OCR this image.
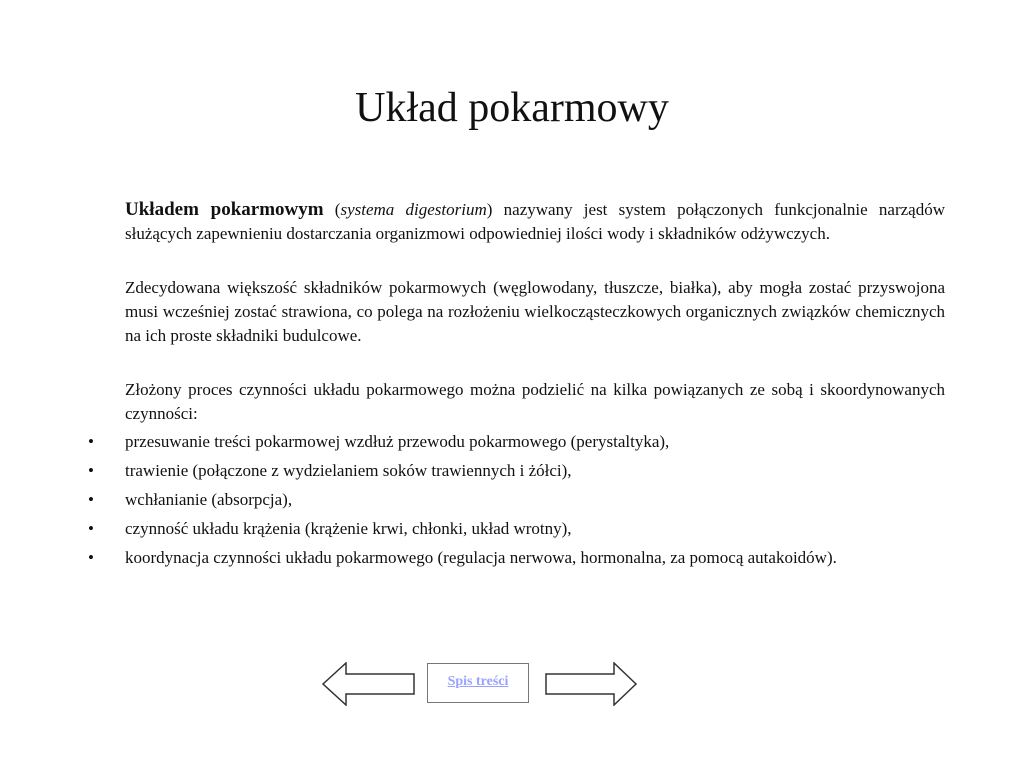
Układ pokarmowy

Układem pokarmowym (systema digestorium) nazywany jest system połączonych funkcjonalnie narządów służących zapewnieniu dostarczania organizmowi odpowiedniej ilości wody i składników odżywczych.

Zdecydowana większość składników pokarmowych (węglowodany, tłuszcze, białka), aby mogła zostać przyswojona musi wcześniej zostać strawiona, co polega na rozłożeniu wielkocząsteczkowych organicznych związków chemicznych na ich proste składniki budulcowe.

Złożony proces czynności układu pokarmowego można podzielić na kilka powiązanych ze sobą i skoordynowanych czynności:

• przesuwanie treści pokarmowej wzdłuż przewodu pokarmowego (perystaltyka),
• trawienie (połączone z wydzielaniem soków trawiennych i żółci),
• wchłanianie (absorpcja),
• czynność układu krążenia (krążenie krwi, chłonki, układ wrotny),
• koordynacja czynności układu pokarmowego (regulacja nerwowa, hormonalna, za pomocą autakoidów).
Spis treści
